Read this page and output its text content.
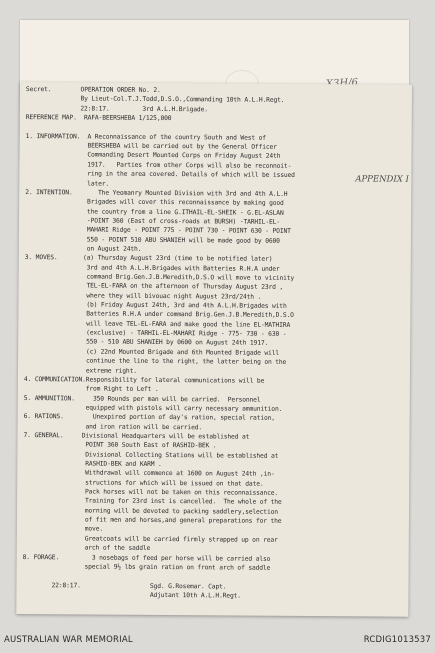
APPENDIX I
Secret.        OPERATION ORDER No. 2.
By Lieut-Col.T.J.Todd,D.S.O.,Commanding 10th A.L.H.Regt.
22:8:17.         3rd A.L.H.Brigade.
REFERENCE MAP.  RAFA-BEERSHEBA 1/125,000
1. INFORMATION.  A Reconnaissance of the country South and West of
BEERSHEBA will be carried out by the General Officer
Commanding Desert Mounted Corps on Friday August 24th
1917.   Parties from other Corps will also be reconnoit-
ring in the area covered. Details of which will be issued
later.
2. INTENTION.       The Yeomanry Mounted Division with 3rd and 4th A.L.H
Brigades will cover this reconnaissance by making good
the country from a line G.ITHAIL-EL-SHEIK - G.EL-ASLAN
-POINT 360 (East of cross-roads at BURSH) -TARHIL-EL-
MAHARI Ridge - POINT 775 - POINT 730 - POINT 630 - POINT
550 - POINT 510 ABU SHANIEH will be made good by 0600
on August 24th.
3. MOVES.       (a) Thursday August 23rd (time to be notified later)
3rd and 4th A.L.H.Brigades with Batteries R.H.A under
command Brig.Gen.J.B.Meredith,D.S.O will move to vicinity
TEL-EL-FARA on the afternoon of Thursday August 23rd ,
where they will bivouac night August 23rd/24th .
(b) Friday August 24th, 3rd and 4th A.L.H.Brigades with
Batteries R.H.A under command Brig.Gen.J.B.Meredith,D.S.O
will leave TEL-EL-FARA and make good the line EL-MATHIRA
(exclusive) - TARHIL-EL-MAHARI Ridge - 775- 730 - 630 -
550 - 510 ABU SHANIEH by 0600 on August 24th 1917.
(c) 22nd Mounted Brigade and 6th Mounted Brigade will
continue the line to the right, the latter being on the
extreme right.
4. COMMUNICATION.Responsibility for lateral communications will be
from Right to Left .
5. AMMUNITION.     350 Rounds per man will be carried.  Personnel
equipped with pistols will carry necessary ammunition.
6. RATIONS.        Unexpired portion of day's ration, special ration,
and iron ration will be carried.
7. GENERAL.     Divisional Headquarters will be established at
POINT 360 South East of RASHID-BEK .
Divisional Collecting Stations will be established at
RASHID-BEK and KARM .
Withdrawal will commence at 1600 on August 24th ,in-
structions for which will be issued on that date.
Pack horses will not be taken on this reconnaissance.
Training for 23rd inst is cancelled.  The whole of the
morning will be devoted to packing saddlery,selection
of fit men and horses,and general preparations for the
move.
Greatcoats will be carried firmly strapped up on rear
arch of the saddle
8. FORAGE.         3 nosebags of feed per horse will be carried also
special 9½ lbs grain ration on front arch of saddle
22:8:17.                   Sgd. G.Rosemar. Capt.
Adjutant 10th A.L.H.Regt.
AUSTRALIAN WAR MEMORIAL	RCDIG1013537
